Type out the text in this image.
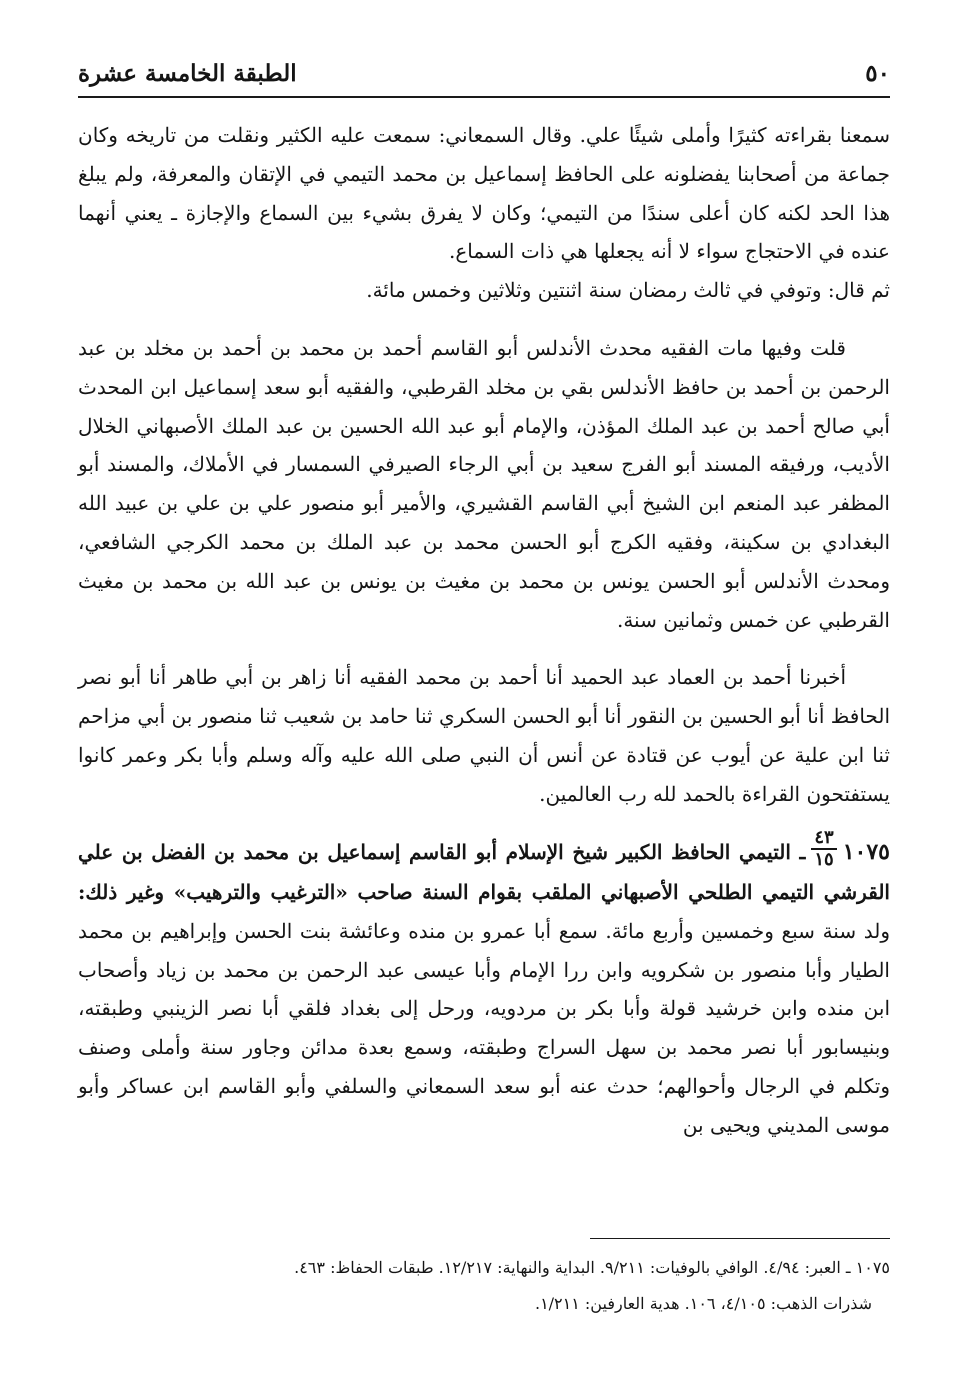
٥٠
الطبقة الخامسة عشرة

سمعنا بقراءته كثيرًا وأملى شيئًا علي. وقال السمعاني: سمعت عليه الكثير ونقلت من تاريخه وكان جماعة من أصحابنا يفضلونه على الحافظ إسماعيل بن محمد التيمي في الإتقان والمعرفة، ولم يبلغ هذا الحد لكنه كان أعلى سندًا من التيمي؛ وكان لا يفرق بشيء بين السماع والإجازة ـ يعني أنهما عنده في الاحتجاج سواء لا أنه يجعلها هي ذات السماع.

ثم قال: وتوفي في ثالث رمضان سنة اثنتين وثلاثين وخمس مائة.

قلت وفيها مات الفقيه محدث الأندلس أبو القاسم أحمد بن محمد بن أحمد بن مخلد بن عبد الرحمن بن أحمد بن حافظ الأندلس بقي بن مخلد القرطبي، والفقيه أبو سعد إسماعيل ابن المحدث أبي صالح أحمد بن عبد الملك المؤذن، والإمام أبو عبد الله الحسين بن عبد الملك الأصبهاني الخلال الأديب، ورفيقه المسند أبو الفرج سعيد بن أبي الرجاء الصيرفي السمسار في الأملاك، والمسند أبو المظفر عبد المنعم ابن الشيخ أبي القاسم القشيري، والأمير أبو منصور علي بن علي بن عبيد الله البغدادي بن سكينة، وفقيه الكرج أبو الحسن محمد بن عبد الملك بن محمد الكرجي الشافعي، ومحدث الأندلس أبو الحسن يونس بن محمد بن مغيث بن يونس بن عبد الله بن محمد بن مغيث القرطبي عن خمس وثمانين سنة.

أخبرنا أحمد بن العماد عبد الحميد أنا أحمد بن محمد الفقيه أنا زاهر بن أبي طاهر أنا أبو نصر الحافظ أنا أبو الحسين بن النقور أنا أبو الحسن السكري ثنا حامد بن شعيب ثنا منصور بن أبي مزاحم ثنا ابن علية عن أيوب عن قتادة عن أنس أن النبي صلى الله عليه وآله وسلم وأبا بكر وعمر كانوا يستفتحون القراءة بالحمد لله رب العالمين.

١٠٧٥
$\frac{٤٣}{١٥}$
ـ التيمي الحافظ الكبير شيخ الإسلام أبو القاسم إسماعيل بن محمد بن الفضل بن علي القرشي التيمي الطلحي الأصبهاني الملقب بقوام السنة صاحب «الترغيب والترهيب» وغير ذلك: ولد سنة سبع وخمسين وأربع مائة. سمع أبا عمرو بن منده وعائشة بنت الحسن وإبراهيم بن محمد الطيار وأبا منصور بن شكرويه وابن ررا الإمام وأبا عيسى عبد الرحمن بن محمد بن زياد وأصحاب ابن منده وابن خرشيد قولة وأبا بكر بن مردويه، ورحل إلى بغداد فلقي أبا نصر الزينبي وطبقته، وبنيسابور أبا نصر محمد بن سهل السراج وطبقته، وسمع بعدة مدائن وجاور سنة وأملى وصنف وتكلم في الرجال وأحوالهم؛ حدث عنه أبو سعد السمعاني والسلفي وأبو القاسم ابن عساكر وأبو موسى المديني ويحيى بن

١٠٧٥ ـ العبر: ٤/٩٤. الوافي بالوفيات: ٩/٢١١. البداية والنهاية: ١٢/٢١٧. طبقات الحفاظ: ٤٦٣.

شذرات الذهب: ٤/١٠٥، ١٠٦. هدية العارفين: ١/٢١١.
